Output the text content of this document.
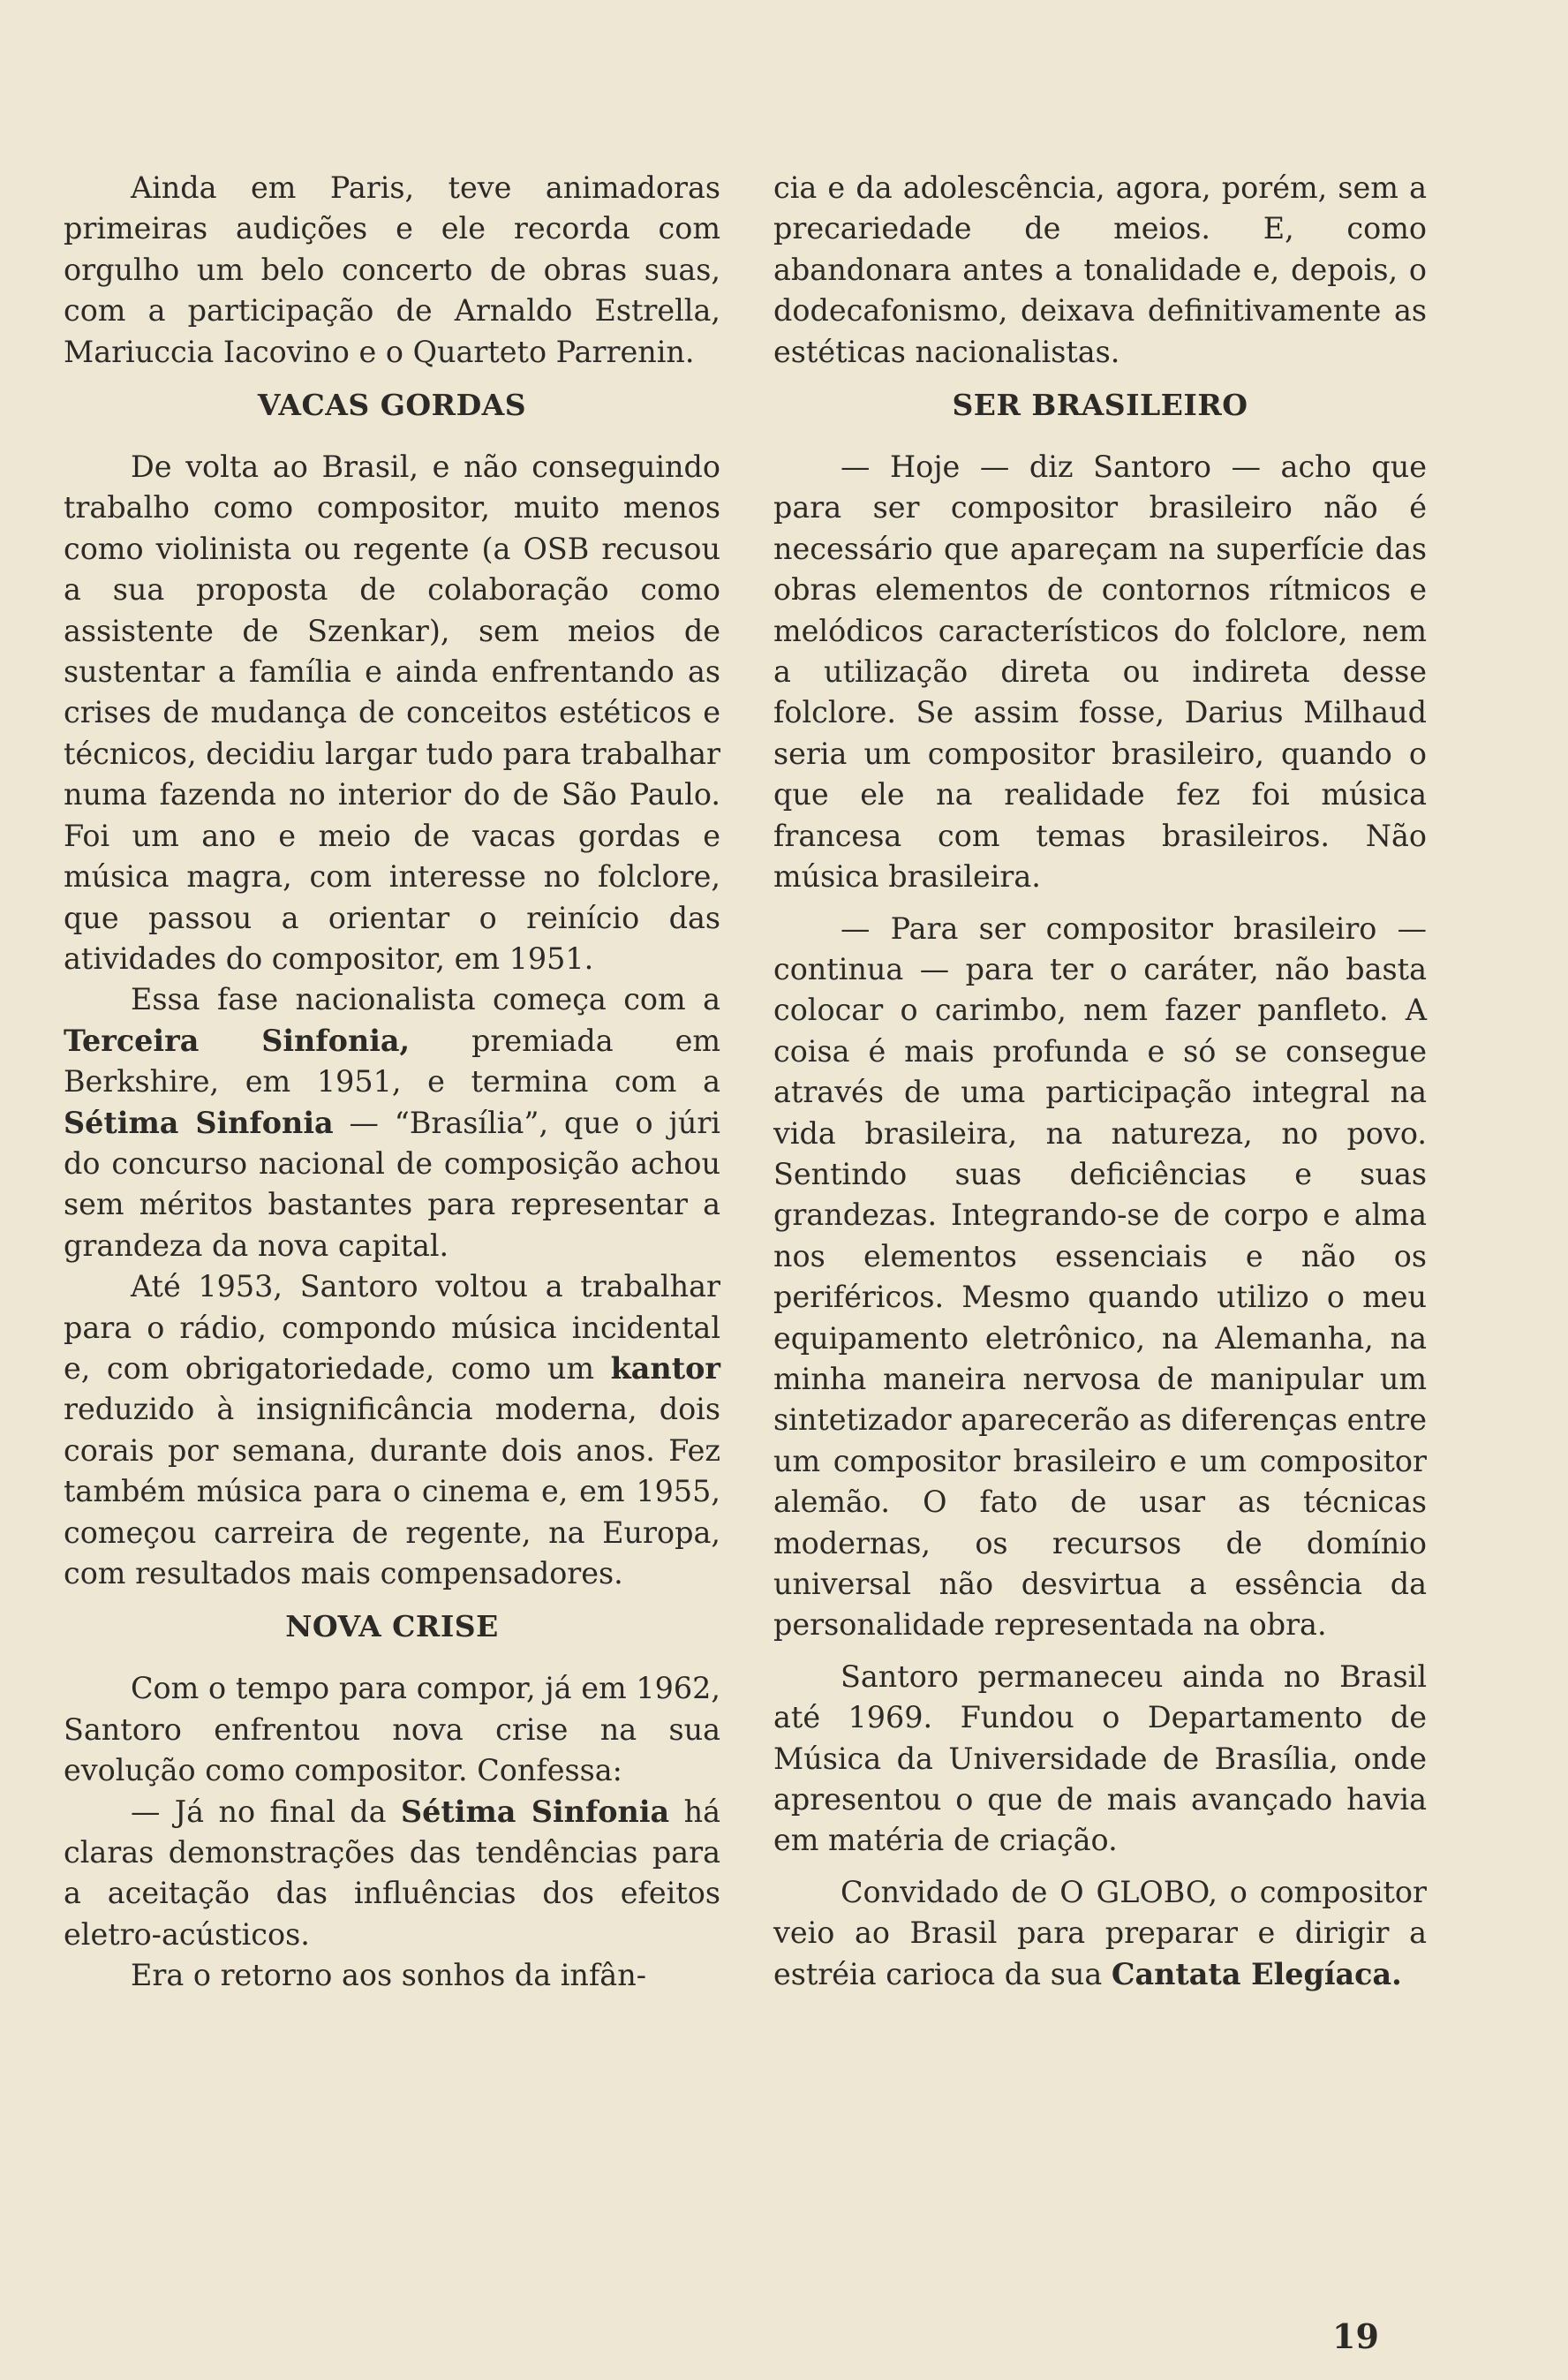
Ainda em Paris, teve animadoras primeiras audições e ele recorda com orgulho um belo concerto de obras suas, com a participação de Arnaldo Estrella, Mariuccia Iacovino e o Quarteto Parrenin.

VACAS GORDAS

De volta ao Brasil, e não conseguindo trabalho como compositor, muito menos como violinista ou regente (a OSB recusou a sua proposta de colaboração como assistente de Szenkar), sem meios de sustentar a família e ainda enfrentando as crises de mudança de conceitos estéticos e técnicos, decidiu largar tudo para trabalhar numa fazenda no interior do de São Paulo. Foi um ano e meio de vacas gordas e música magra, com interesse no folclore, que passou a orientar o reinício das atividades do compositor, em 1951.

Essa fase nacionalista começa com a Terceira Sinfonia, premiada em Berkshire, em 1951, e termina com a Sétima Sinfonia — “Brasília”, que o júri do concurso nacional de composição achou sem méritos bastantes para representar a grandeza da nova capital.

Até 1953, Santoro voltou a trabalhar para o rádio, compondo música incidental e, com obrigatoriedade, como um kantor reduzido à insignificância moderna, dois corais por semana, durante dois anos. Fez também música para o cinema e, em 1955, começou carreira de regente, na Europa, com resultados mais compensadores.

NOVA CRISE

Com o tempo para compor, já em 1962, Santoro enfrentou nova crise na sua evolução como compositor. Confessa:

— Já no final da Sétima Sinfonia há claras demonstrações das tendências para a aceitação das influências dos efeitos eletro-acústicos.

Era o retorno aos sonhos da infân-

cia e da adolescência, agora, porém, sem a precariedade de meios. E, como abandonara antes a tonalidade e, depois, o dodecafonismo, deixava definitivamente as estéticas nacionalistas.

SER BRASILEIRO

— Hoje — diz Santoro — acho que para ser compositor brasileiro não é necessário que apareçam na superfície das obras elementos de contornos rítmicos e melódicos característicos do folclore, nem a utilização direta ou indireta desse folclore. Se assim fosse, Darius Milhaud seria um compositor brasileiro, quando o que ele na realidade fez foi música francesa com temas brasileiros. Não música brasileira.

— Para ser compositor brasileiro — continua — para ter o caráter, não basta colocar o carimbo, nem fazer panfleto. A coisa é mais profunda e só se consegue através de uma participação integral na vida brasileira, na natureza, no povo. Sentindo suas deficiências e suas grandezas. Integrando-se de corpo e alma nos elementos essenciais e não os periféricos. Mesmo quando utilizo o meu equipamento eletrônico, na Alemanha, na minha maneira nervosa de manipular um sintetizador aparecerão as diferenças entre um compositor brasileiro e um compositor alemão. O fato de usar as técnicas modernas, os recursos de domínio universal não desvirtua a essência da personalidade representada na obra.

Santoro permaneceu ainda no Brasil até 1969. Fundou o Departamento de Música da Universidade de Brasília, onde apresentou o que de mais avançado havia em matéria de criação.

Convidado de O GLOBO, o compositor veio ao Brasil para preparar e dirigir a estréia carioca da sua Cantata Elegíaca.

19
